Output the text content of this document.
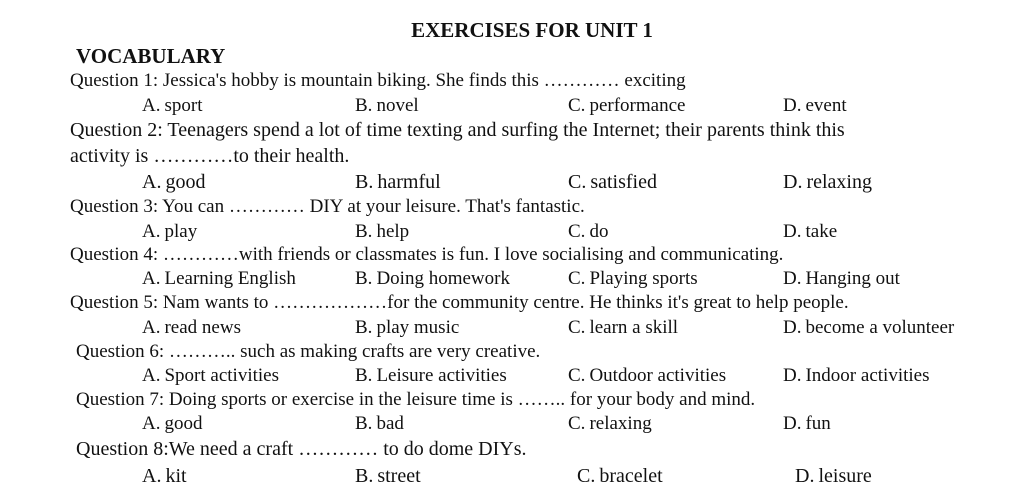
EXERCISES FOR UNIT 1
VOCABULARY
Question 1: Jessica's hobby is mountain biking. She finds this ………… exciting
A. sport	B. novel	C. performance	D. event
Question 2: Teenagers spend a lot of time texting and surfing the Internet; their parents think this
activity is …………to their health.
A. good	B. harmful	C. satisfied	D. relaxing
Question 3: You can ………… DIY at your leisure. That's fantastic.
A. play	B. help	C. do	D. take
Question 4: …………with friends or classmates is fun. I love socialising and communicating.
A. Learning English	B. Doing homework	C. Playing sports	D. Hanging out
Question 5: Nam wants to ………………for the community centre. He thinks it's great to help people.
A. read news	B. play music	C. learn a skill	D. become a volunteer
Question 6: ……….. such as making crafts are very creative.
A. Sport activities	B. Leisure activities	C. Outdoor activities	D. Indoor activities
Question 7: Doing sports or exercise in the leisure time is …….. for your body and mind.
A. good	B. bad	C. relaxing	D. fun
Question 8:We need a craft ………… to do dome DIYs.
A. kit	B. street	C. bracelet	D. leisure
